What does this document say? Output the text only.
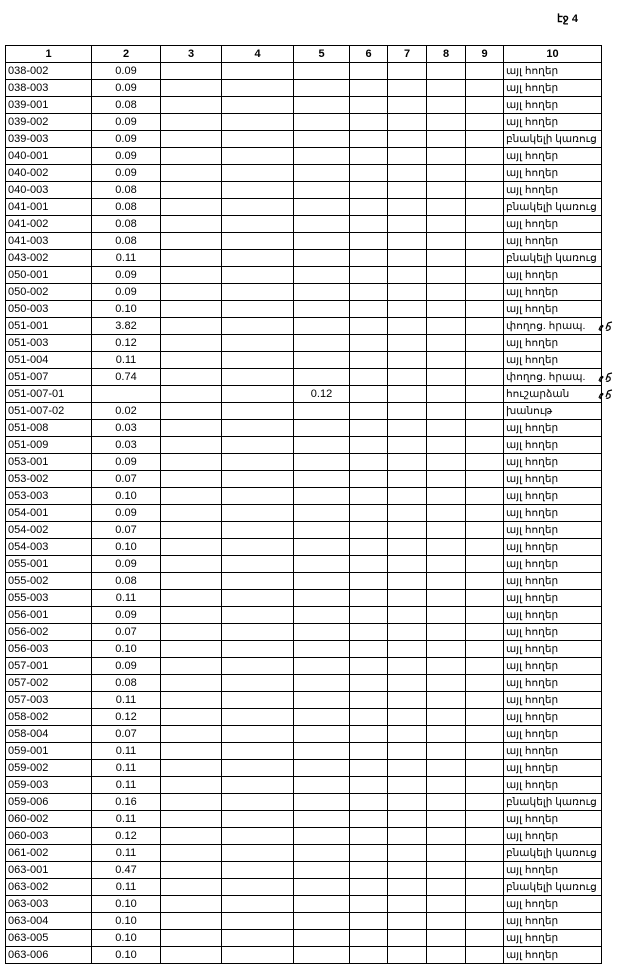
էջ 4
1	2	3	4	5	6	7	8	9	10
038-002	0.09								այլ հողեր
038-003	0.09								այլ հողեր
039-001	0.08								այլ հողեր
039-002	0.09								այլ հողեր
039-003	0.09								բնակելի կառուց
040-001	0.09								այլ հողեր
040-002	0.09								այլ հողեր
040-003	0.08								այլ հողեր
041-001	0.08								բնակելի կառուց
041-002	0.08								այլ հողեր
041-003	0.08								այլ հողեր
043-002	0.11								բնակելի կառուց
050-001	0.09								այլ հողեր
050-002	0.09								այլ հողեր
050-003	0.10								այլ հողեր
051-001	3.82								փողոց. հրապ.
051-003	0.12								այլ հողեր
051-004	0.11								այլ հողեր
051-007	0.74								փողոց. հրապ.
051-007-01				0.12					հուշարձան
051-007-02	0.02								խանութ
051-008	0.03								այլ հողեր
051-009	0.03								այլ հողեր
053-001	0.09								այլ հողեր
053-002	0.07								այլ հողեր
053-003	0.10								այլ հողեր
054-001	0.09								այլ հողեր
054-002	0.07								այլ հողեր
054-003	0.10								այլ հողեր
055-001	0.09								այլ հողեր
055-002	0.08								այլ հողեր
055-003	0.11								այլ հողեր
056-001	0.09								այլ հողեր
056-002	0.07								այլ հողեր
056-003	0.10								այլ հողեր
057-001	0.09								այլ հողեր
057-002	0.08								այլ հողեր
057-003	0.11								այլ հողեր
058-002	0.12								այլ հողեր
058-004	0.07								այլ հողեր
059-001	0.11								այլ հողեր
059-002	0.11								այլ հողեր
059-003	0.11								այլ հողեր
059-006	0.16								բնակելի կառուց
060-002	0.11								այլ հողեր
060-003	0.12								այլ հողեր
061-002	0.11								բնակելի կառուց
063-001	0.47								այլ հողեր
063-002	0.11								բնակելի կառուց
063-003	0.10								այլ հողեր
063-004	0.10								այլ հողեր
063-005	0.10								այլ հողեր
063-006	0.10								այլ հողեր
